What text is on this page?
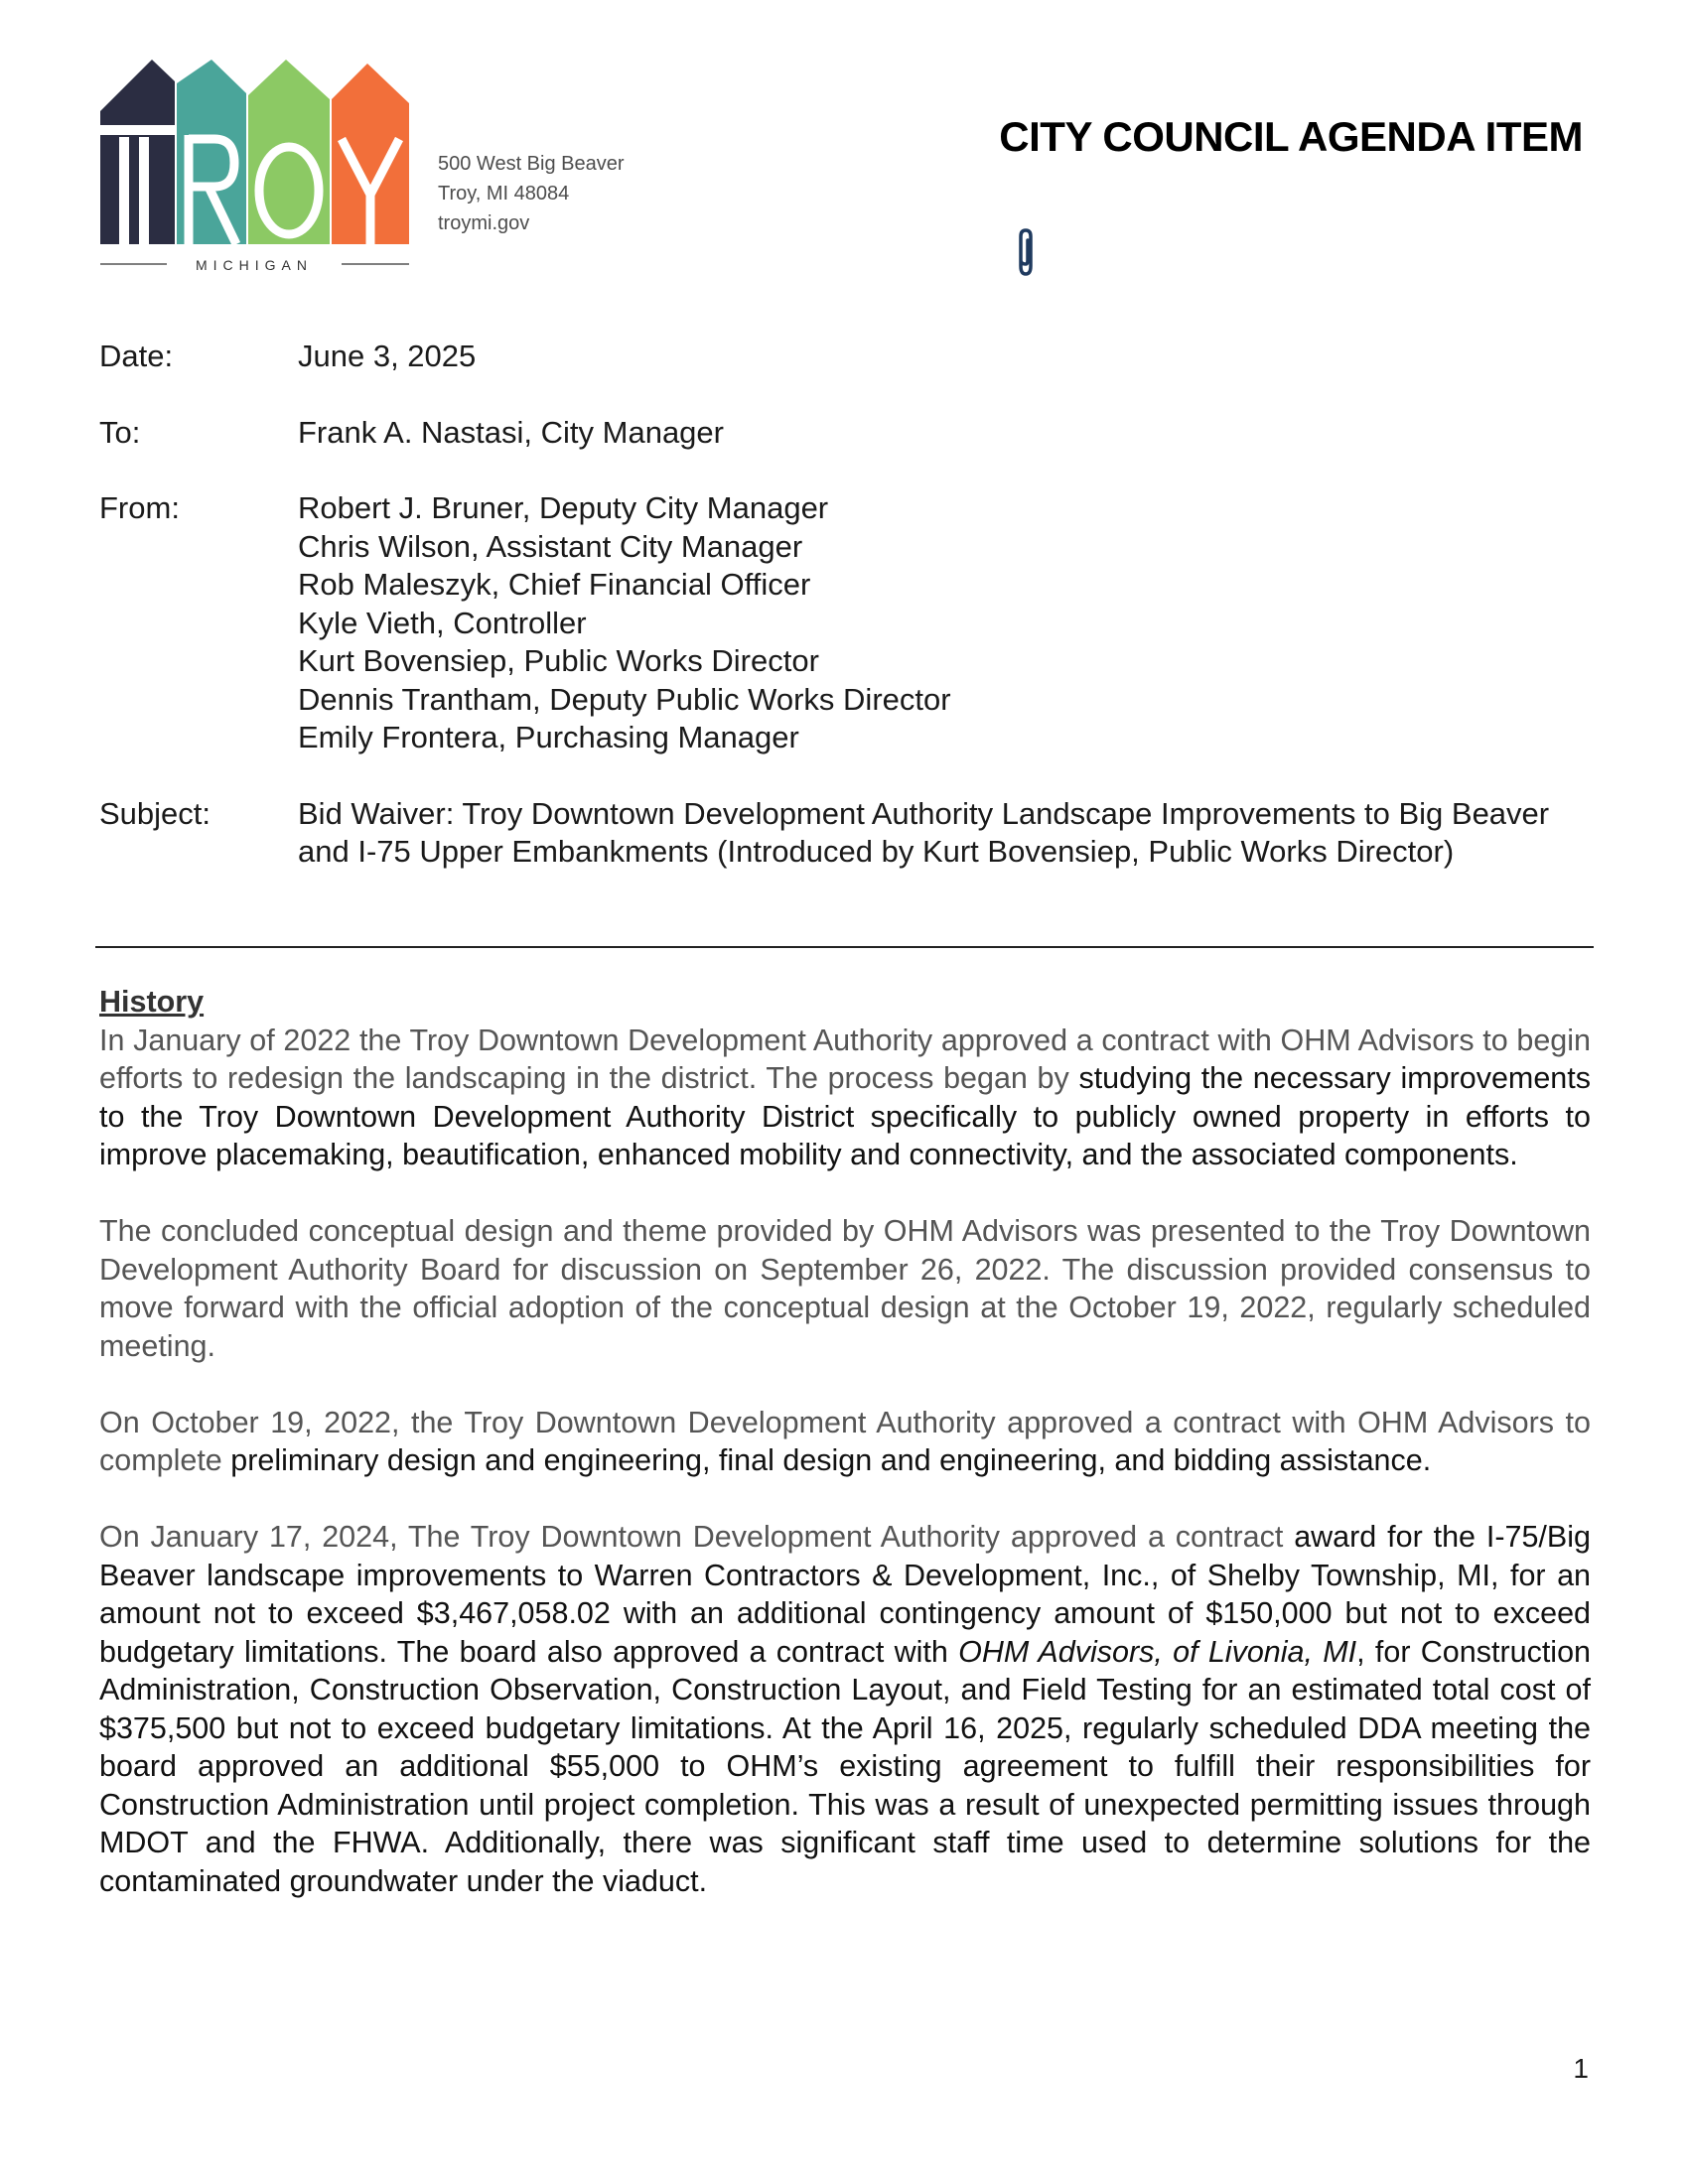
MICHIGAN
500 West Big Beaver
Troy, MI 48084
troymi.gov
CITY COUNCIL AGENDA ITEM
Date:	June 3, 2025
To:	Frank A. Nastasi, City Manager
From:	Robert J. Bruner, Deputy City Manager
Chris Wilson, Assistant City Manager
Rob Maleszyk, Chief Financial Officer
Kyle Vieth, Controller
Kurt Bovensiep, Public Works Director
Dennis Trantham, Deputy Public Works Director
Emily Frontera, Purchasing Manager
Subject:	Bid Waiver: Troy Downtown Development Authority Landscape Improvements to Big Beaver and I-75 Upper Embankments (Introduced by Kurt Bovensiep, Public Works Director)

History

In January of 2022 the Troy Downtown Development Authority approved a contract with OHM Advisors to begin efforts to redesign the landscaping in the district. The process began by studying the necessary improvements to the Troy Downtown Development Authority District specifically to publicly owned property in efforts to improve placemaking, beautification, enhanced mobility and connectivity, and the associated components.

The concluded conceptual design and theme provided by OHM Advisors was presented to the Troy Downtown Development Authority Board for discussion on September 26, 2022. The discussion provided consensus to move forward with the official adoption of the conceptual design at the October 19, 2022, regularly scheduled meeting.

On October 19, 2022, the Troy Downtown Development Authority approved a contract with OHM Advisors to complete preliminary design and engineering, final design and engineering, and bidding assistance.

On January 17, 2024, The Troy Downtown Development Authority approved a contract award for the I-75/Big Beaver landscape improvements to Warren Contractors & Development, Inc., of Shelby Township, MI, for an amount not to exceed $3,467,058.02 with an additional contingency amount of $150,000 but not to exceed budgetary limitations. The board also approved a contract with OHM Advisors, of Livonia, MI, for Construction Administration, Construction Observation, Construction Layout, and Field Testing for an estimated total cost of $375,500 but not to exceed budgetary limitations. At the April 16, 2025, regularly scheduled DDA meeting the board approved an additional $55,000 to OHM’s existing agreement to fulfill their responsibilities for Construction Administration until project completion. This was a result of unexpected permitting issues through MDOT and the FHWA. Additionally, there was significant staff time used to determine solutions for the contaminated groundwater under the viaduct.

1
